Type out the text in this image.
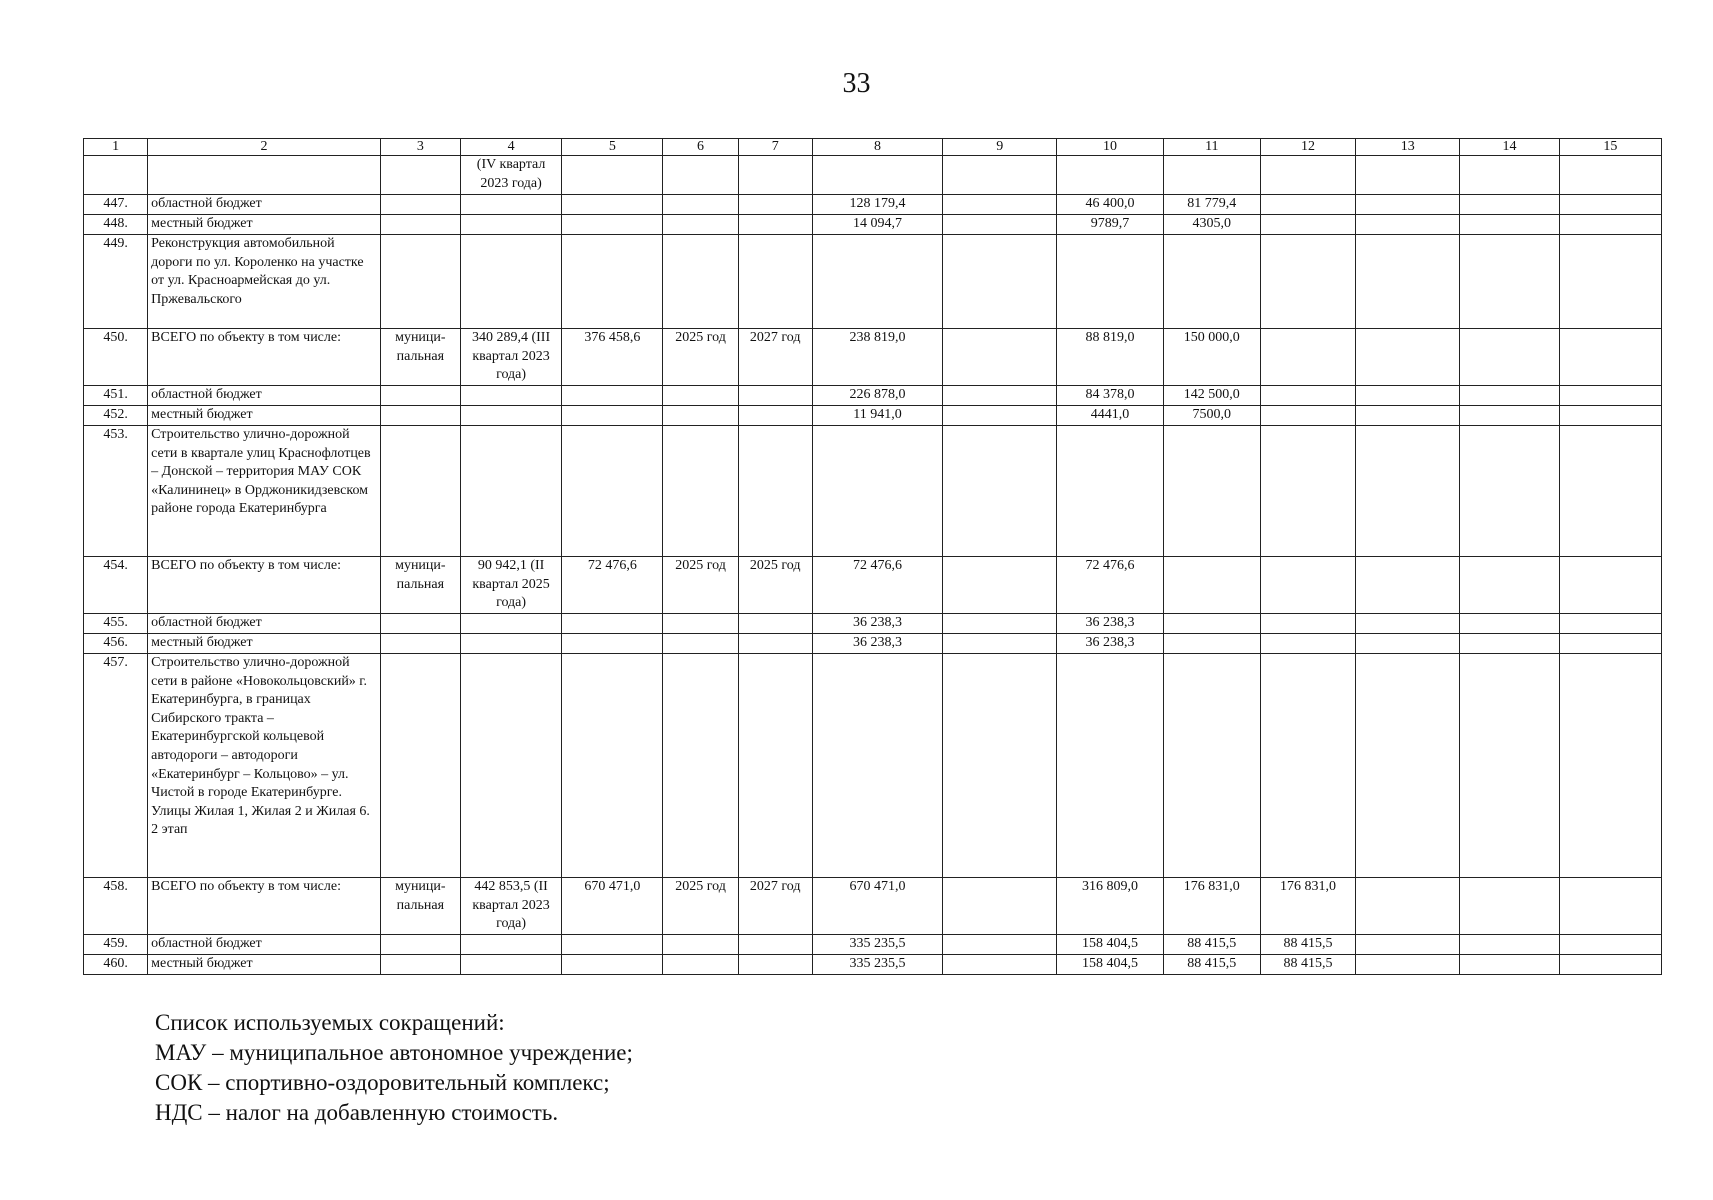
33
1	2	3	4	5	6	7	8	9	10	11	12	13	14	15
			(IV квартал 2023 года)											
447.	областной бюджет						128 179,4		46 400,0	81 779,4				
448.	местный бюджет						14 094,7		9789,7	4305,0				
449.	Реконструкция автомобильной дороги по ул. Короленко на участке от ул. Красноармейская до ул. Пржевальского													
450.	ВСЕГО по объекту в том числе:	муници-пальная	340 289,4 (III квартал 2023 года)	376 458,6	2025 год	2027 год	238 819,0		88 819,0	150 000,0				
451.	областной бюджет						226 878,0		84 378,0	142 500,0				
452.	местный бюджет						11 941,0		4441,0	7500,0				
453.	Строительство улично-дорожной сети в квартале улиц Краснофлотцев – Донской – территория МАУ СОК «Калининец» в Орджоникидзевском районе города Екатеринбурга													
454.	ВСЕГО по объекту в том числе:	муници-пальная	90 942,1 (II квартал 2025 года)	72 476,6	2025 год	2025 год	72 476,6		72 476,6					
455.	областной бюджет						36 238,3		36 238,3					
456.	местный бюджет						36 238,3		36 238,3					
457.	Строительство улично-дорожной сети в районе «Новокольцовский» г. Екатеринбурга, в границах Сибирского тракта – Екатеринбургской кольцевой автодороги – автодороги «Екатеринбург – Кольцово» – ул. Чистой в городе Екатеринбурге. Улицы Жилая 1, Жилая 2 и Жилая 6. 2 этап													
458.	ВСЕГО по объекту в том числе:	муници-пальная	442 853,5 (II квартал 2023 года)	670 471,0	2025 год	2027 год	670 471,0		316 809,0	176 831,0	176 831,0			
459.	областной бюджет						335 235,5		158 404,5	88 415,5	88 415,5			
460.	местный бюджет						335 235,5		158 404,5	88 415,5	88 415,5			
Список используемых сокращений:
МАУ – муниципальное автономное учреждение;
СОК – спортивно-оздоровительный комплекс;
НДС – налог на добавленную стоимость.
